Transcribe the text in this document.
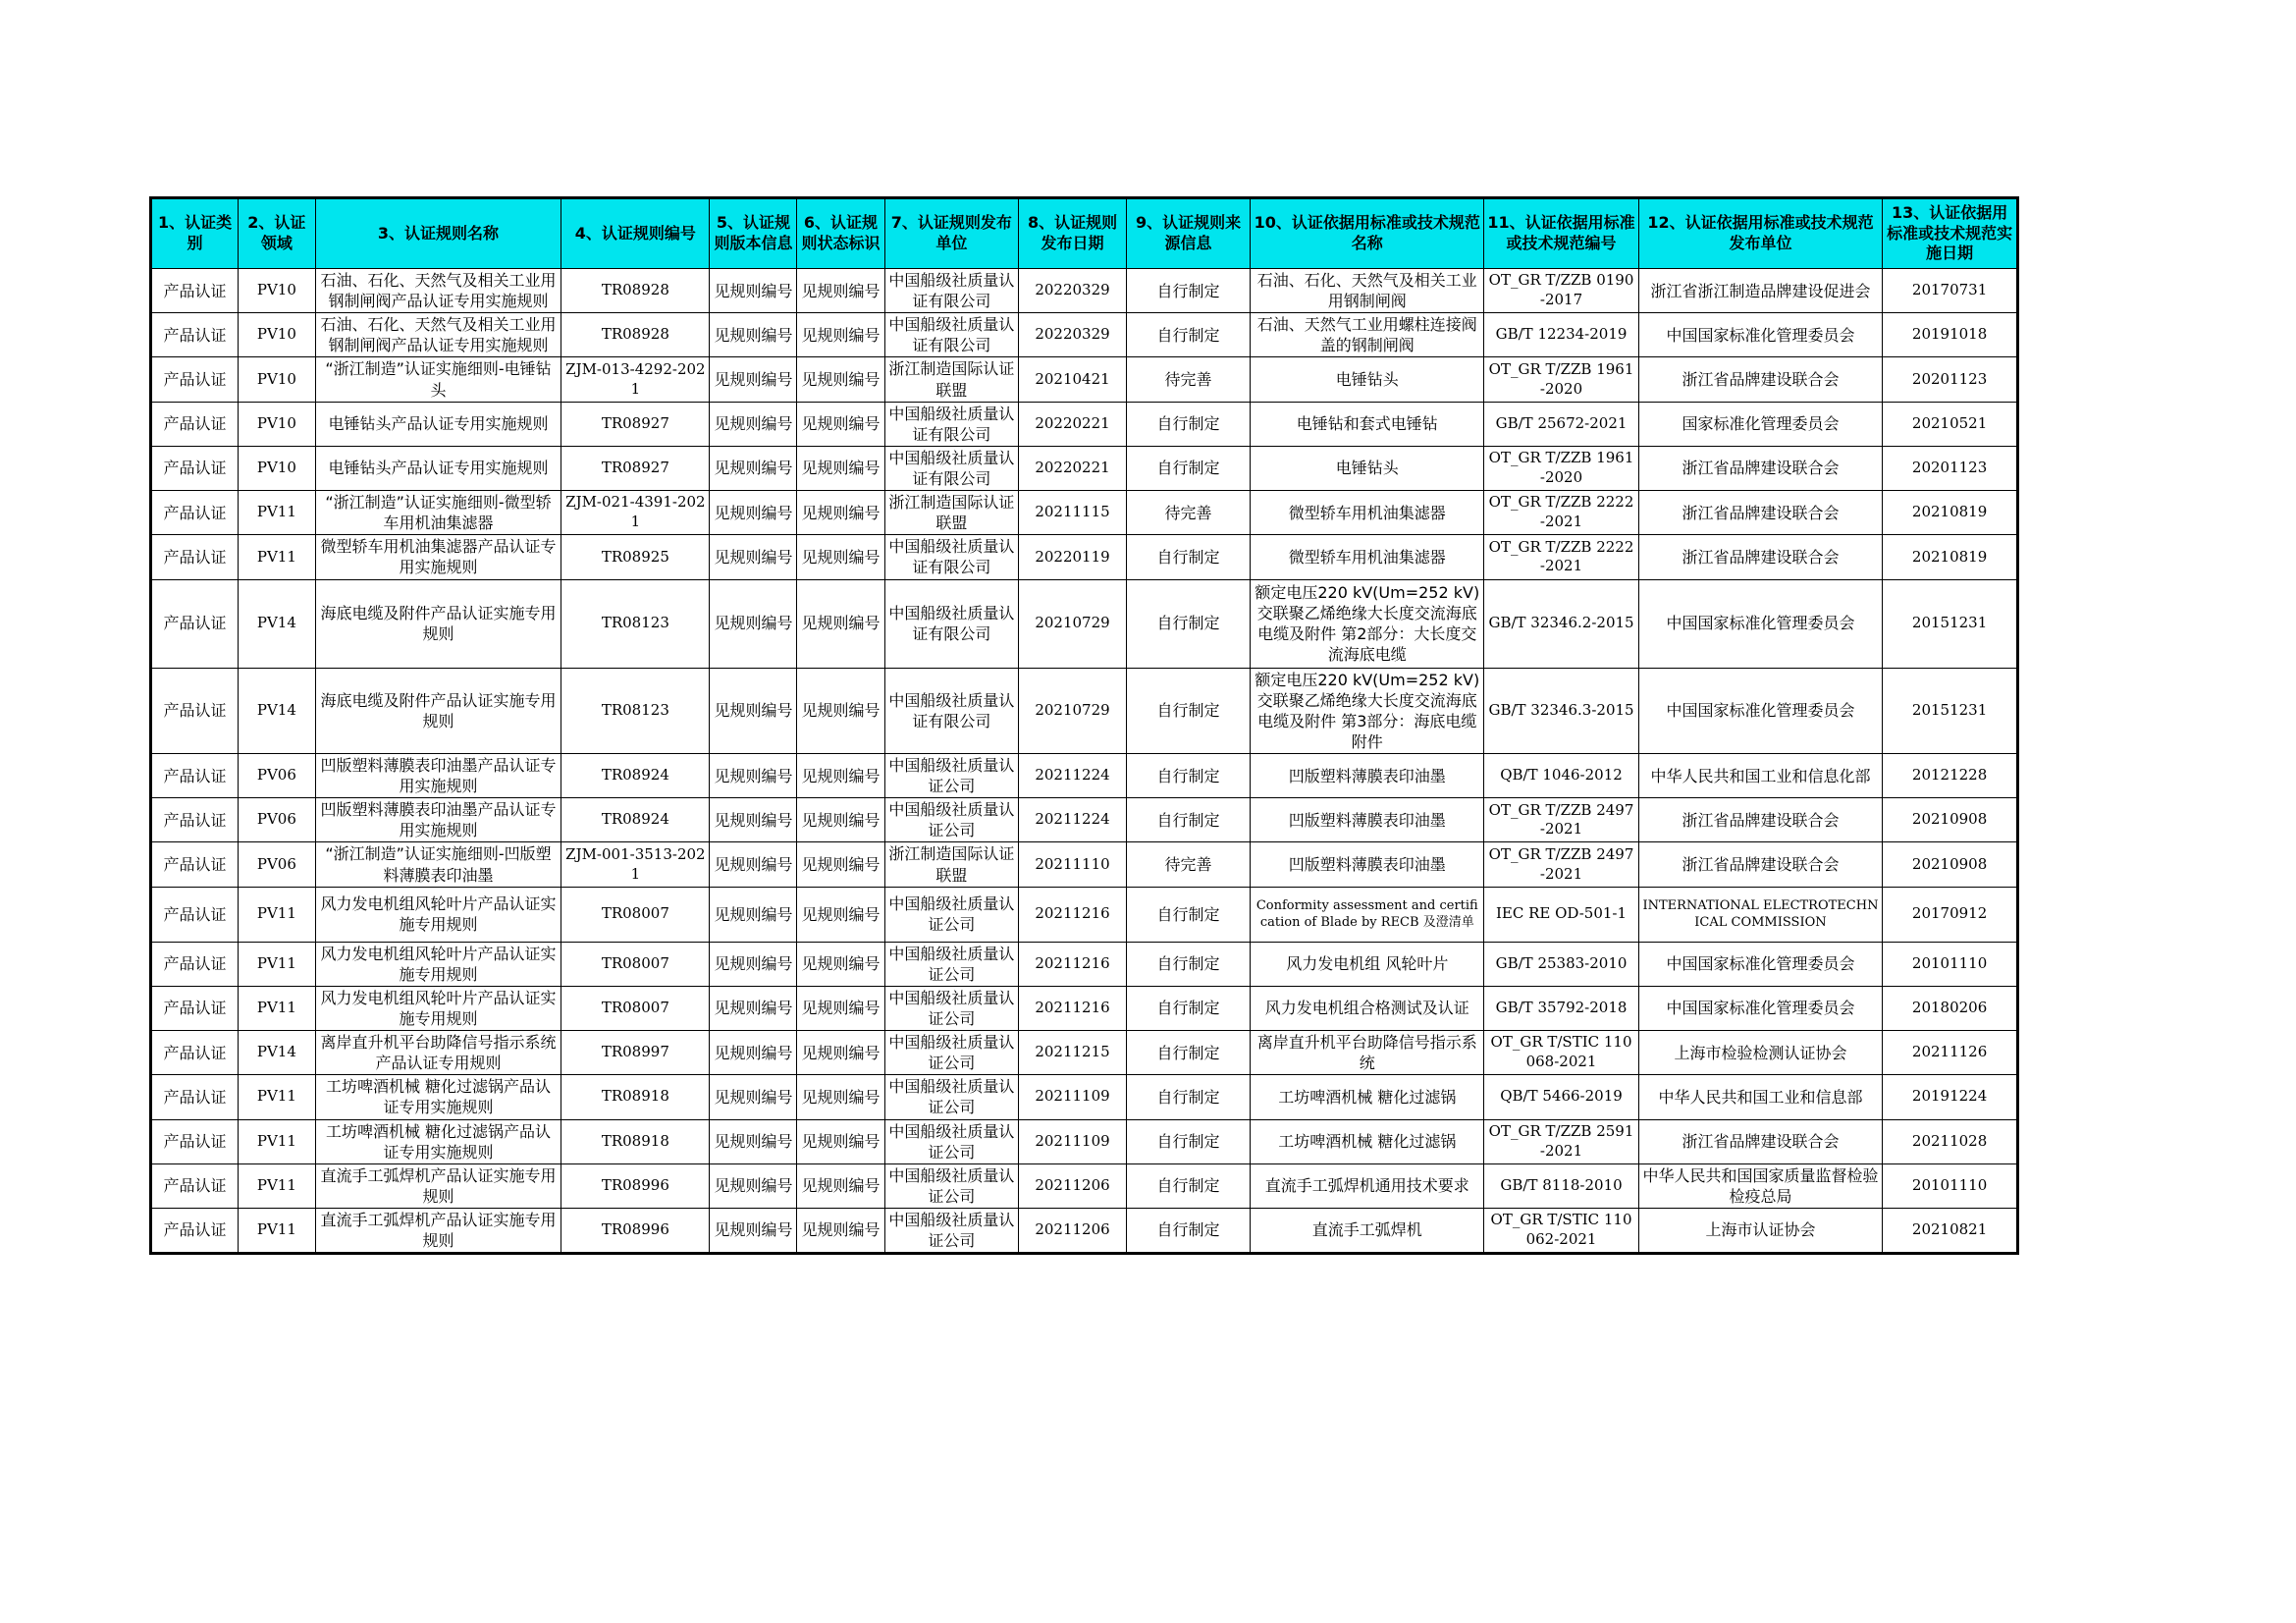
1、认证类别	2、认证领域	3、认证规则名称	4、认证规则编号	5、认证规则版本信息	6、认证规则状态标识	7、认证规则发布单位	8、认证规则发布日期	9、认证规则来源信息	10、认证依据用标准或技术规范名称	11、认证依据用标准或技术规范编号	12、认证依据用标准或技术规范发布单位	13、认证依据用标准或技术规范实施日期
产品认证	PV10	石油、石化、天然气及相关工业用钢制闸阀产品认证专用实施规则	TR08928	见规则编号	见规则编号	中国船级社质量认证有限公司	20220329	自行制定	石油、石化、天然气及相关工业用钢制闸阀	OT_GR T/ZZB 0190-2017	浙江省浙江制造品牌建设促进会	20170731
产品认证	PV10	石油、石化、天然气及相关工业用钢制闸阀产品认证专用实施规则	TR08928	见规则编号	见规则编号	中国船级社质量认证有限公司	20220329	自行制定	石油、天然气工业用螺柱连接阀盖的钢制闸阀	GB/T 12234-2019	中国国家标准化管理委员会	20191018
产品认证	PV10	“浙江制造”认证实施细则-电锤钻头	ZJM-013-4292-2021	见规则编号	见规则编号	浙江制造国际认证联盟	20210421	待完善	电锤钻头	OT_GR T/ZZB 1961-2020	浙江省品牌建设联合会	20201123
产品认证	PV10	电锤钻头产品认证专用实施规则	TR08927	见规则编号	见规则编号	中国船级社质量认证有限公司	20220221	自行制定	电锤钻和套式电锤钻	GB/T 25672-2021	国家标准化管理委员会	20210521
产品认证	PV10	电锤钻头产品认证专用实施规则	TR08927	见规则编号	见规则编号	中国船级社质量认证有限公司	20220221	自行制定	电锤钻头	OT_GR T/ZZB 1961-2020	浙江省品牌建设联合会	20201123
产品认证	PV11	“浙江制造”认证实施细则-微型轿车用机油集滤器	ZJM-021-4391-2021	见规则编号	见规则编号	浙江制造国际认证联盟	20211115	待完善	微型轿车用机油集滤器	OT_GR T/ZZB 2222-2021	浙江省品牌建设联合会	20210819
产品认证	PV11	微型轿车用机油集滤器产品认证专用实施规则	TR08925	见规则编号	见规则编号	中国船级社质量认证有限公司	20220119	自行制定	微型轿车用机油集滤器	OT_GR T/ZZB 2222-2021	浙江省品牌建设联合会	20210819
产品认证	PV14	海底电缆及附件产品认证实施专用规则	TR08123	见规则编号	见规则编号	中国船级社质量认证有限公司	20210729	自行制定	额定电压220 kV(Um=252 kV)交联聚乙烯绝缘大长度交流海底电缆及附件 第2部分：大长度交流海底电缆	GB/T 32346.2-2015	中国国家标准化管理委员会	20151231
产品认证	PV14	海底电缆及附件产品认证实施专用规则	TR08123	见规则编号	见规则编号	中国船级社质量认证有限公司	20210729	自行制定	额定电压220 kV(Um=252 kV)交联聚乙烯绝缘大长度交流海底电缆及附件 第3部分：海底电缆附件	GB/T 32346.3-2015	中国国家标准化管理委员会	20151231
产品认证	PV06	凹版塑料薄膜表印油墨产品认证专用实施规则	TR08924	见规则编号	见规则编号	中国船级社质量认证公司	20211224	自行制定	凹版塑料薄膜表印油墨	QB/T 1046-2012	中华人民共和国工业和信息化部	20121228
产品认证	PV06	凹版塑料薄膜表印油墨产品认证专用实施规则	TR08924	见规则编号	见规则编号	中国船级社质量认证公司	20211224	自行制定	凹版塑料薄膜表印油墨	OT_GR T/ZZB 2497-2021	浙江省品牌建设联合会	20210908
产品认证	PV06	“浙江制造”认证实施细则-凹版塑料薄膜表印油墨	ZJM-001-3513-2021	见规则编号	见规则编号	浙江制造国际认证联盟	20211110	待完善	凹版塑料薄膜表印油墨	OT_GR T/ZZB 2497-2021	浙江省品牌建设联合会	20210908
产品认证	PV11	风力发电机组风轮叶片产品认证实施专用规则	TR08007	见规则编号	见规则编号	中国船级社质量认证公司	20211216	自行制定	Conformity assessment and certification of Blade by RECB 及澄清单	IEC RE OD-501-1	INTERNATIONAL ELECTROTECHNICAL COMMISSION	20170912
产品认证	PV11	风力发电机组风轮叶片产品认证实施专用规则	TR08007	见规则编号	见规则编号	中国船级社质量认证公司	20211216	自行制定	风力发电机组 风轮叶片	GB/T 25383-2010	中国国家标准化管理委员会	20101110
产品认证	PV11	风力发电机组风轮叶片产品认证实施专用规则	TR08007	见规则编号	见规则编号	中国船级社质量认证公司	20211216	自行制定	风力发电机组合格测试及认证	GB/T 35792-2018	中国国家标准化管理委员会	20180206
产品认证	PV14	离岸直升机平台助降信号指示系统产品认证专用规则	TR08997	见规则编号	见规则编号	中国船级社质量认证公司	20211215	自行制定	离岸直升机平台助降信号指示系统	OT_GR T/STIC 110068-2021	上海市检验检测认证协会	20211126
产品认证	PV11	工坊啤酒机械 糖化过滤锅产品认证专用实施规则	TR08918	见规则编号	见规则编号	中国船级社质量认证公司	20211109	自行制定	工坊啤酒机械 糖化过滤锅	QB/T 5466-2019	中华人民共和国工业和信息部	20191224
产品认证	PV11	工坊啤酒机械 糖化过滤锅产品认证专用实施规则	TR08918	见规则编号	见规则编号	中国船级社质量认证公司	20211109	自行制定	工坊啤酒机械 糖化过滤锅	OT_GR T/ZZB 2591-2021	浙江省品牌建设联合会	20211028
产品认证	PV11	直流手工弧焊机产品认证实施专用规则	TR08996	见规则编号	见规则编号	中国船级社质量认证公司	20211206	自行制定	直流手工弧焊机通用技术要求	GB/T 8118-2010	中华人民共和国国家质量监督检验检疫总局	20101110
产品认证	PV11	直流手工弧焊机产品认证实施专用规则	TR08996	见规则编号	见规则编号	中国船级社质量认证公司	20211206	自行制定	直流手工弧焊机	OT_GR T/STIC 110062-2021	上海市认证协会	20210821
